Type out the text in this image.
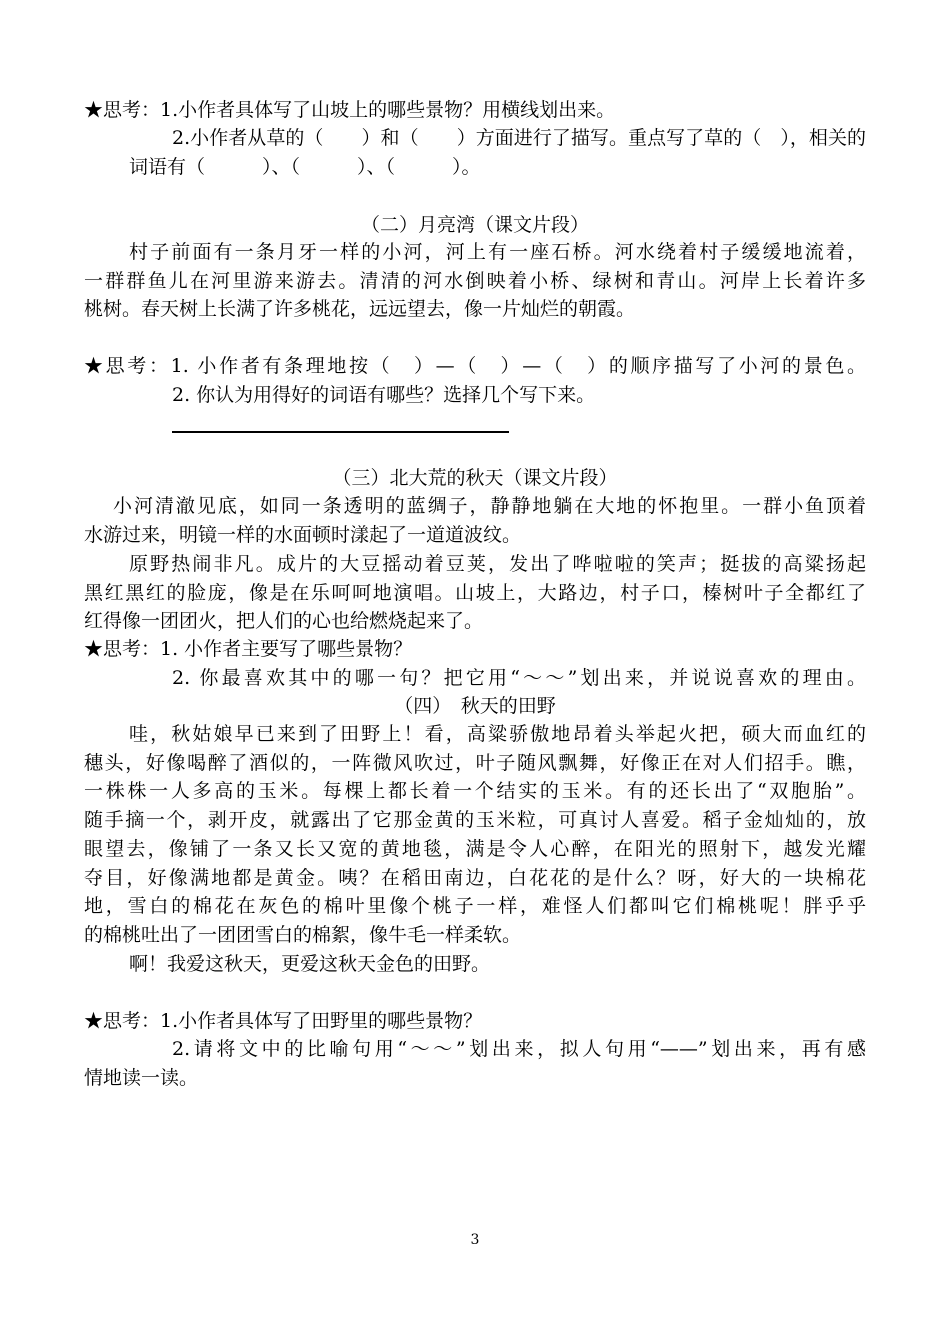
★思考：1.小作者具体写了山坡上的哪些景物？用横线划出来。
2.小作者从草的（　　）和（　　）方面进行了描写。重点写了草的（　），相关的
词语有（　　　）、（　　　）、（　　　）。
（二）月亮湾（课文片段）
村子前面有一条月牙一样的小河，河上有一座石桥。河水绕着村子缓缓地流着，
一群群鱼儿在河里游来游去。清清的河水倒映着小桥、绿树和青山。河岸上长着许多
桃树。春天树上长满了许多桃花，远远望去，像一片灿烂的朝霞。
★思考：1. 小作者有条理地按（　）—（　）—（　）的顺序描写了小河的景色。
2. 你认为用得好的词语有哪些？选择几个写下来。
（三）北大荒的秋天（课文片段）
小河清澈见底，如同一条透明的蓝绸子，静静地躺在大地的怀抱里。一群小鱼顶着
水游过来，明镜一样的水面顿时漾起了一道道波纹。
原野热闹非凡。成片的大豆摇动着豆荚，发出了哗啦啦的笑声；挺拔的高粱扬起
黑红黑红的脸庞，像是在乐呵呵地演唱。山坡上，大路边，村子口，榛树叶子全都红了
红得像一团团火，把人们的心也给燃烧起来了。
★思考：1. 小作者主要写了哪些景物？
2. 你最喜欢其中的哪一句？把它用“～～”划出来，并说说喜欢的理由。
（四）　秋天的田野
哇，秋姑娘早已来到了田野上！看，高粱骄傲地昂着头举起火把，硕大而血红的
穗头，好像喝醉了酒似的，一阵微风吹过，叶子随风飘舞，好像正在对人们招手。瞧，
一株株一人多高的玉米。每棵上都长着一个结实的玉米。有的还长出了“双胞胎”。
随手摘一个，剥开皮，就露出了它那金黄的玉米粒，可真讨人喜爱。稻子金灿灿的，放
眼望去，像铺了一条又长又宽的黄地毯，满是令人心醉，在阳光的照射下，越发光耀
夺目，好像满地都是黄金。咦？在稻田南边，白花花的是什么？呀，好大的一块棉花
地，雪白的棉花在灰色的棉叶里像个桃子一样，难怪人们都叫它们棉桃呢！胖乎乎
的棉桃吐出了一团团雪白的棉絮，像牛毛一样柔软。
啊！我爱这秋天，更爱这秋天金色的田野。
★思考：1.小作者具体写了田野里的哪些景物？
2.请将文中的比喻句用“～～”划出来，拟人句用“——”划出来，再有感
情地读一读。
3
